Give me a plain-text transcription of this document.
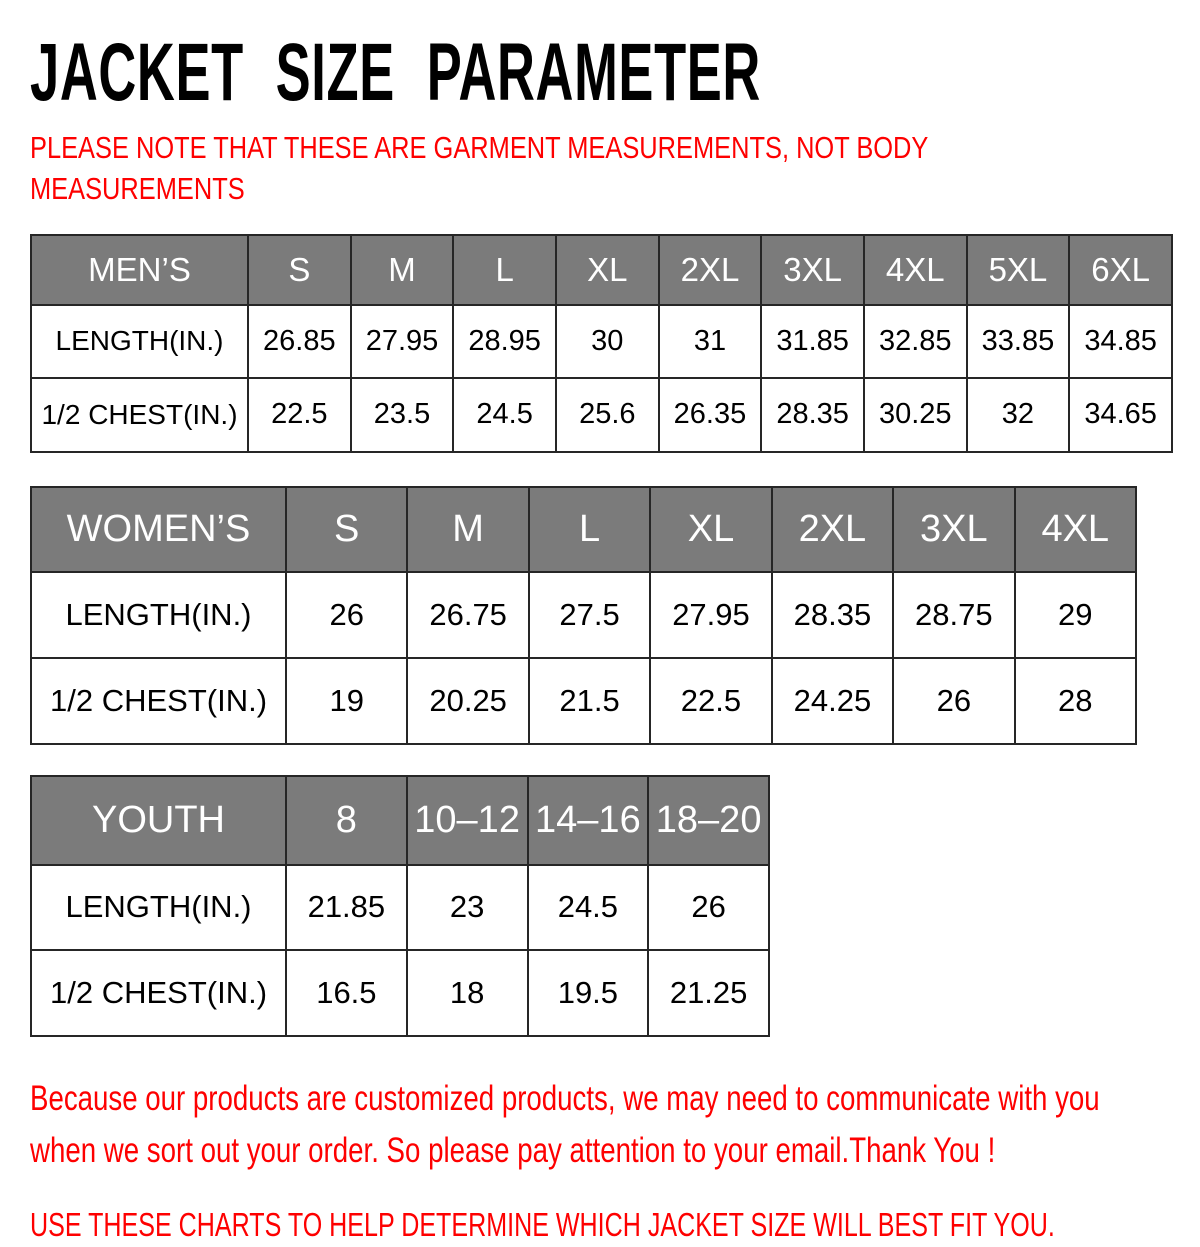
JACKET SIZE PARAMETER
PLEASE NOTE THAT THESE ARE GARMENT MEASUREMENTS, NOT BODY
MEASUREMENTS
MEN’S	S	M	L	XL	2XL	3XL	4XL	5XL	6XL
LENGTH(IN.)	26.85	27.95	28.95	30	31	31.85	32.85	33.85	34.85
1/2 CHEST(IN.)	22.5	23.5	24.5	25.6	26.35	28.35	30.25	32	34.65
WOMEN’S	S	M	L	XL	2XL	3XL	4XL
LENGTH(IN.)	26	26.75	27.5	27.95	28.35	28.75	29
1/2 CHEST(IN.)	19	20.25	21.5	22.5	24.25	26	28
YOUTH	8	10–12	14–16	18–20
LENGTH(IN.)	21.85	23	24.5	26
1/2 CHEST(IN.)	16.5	18	19.5	21.25
Because our products are customized products, we may need to communicate with you
when we sort out your order. So please pay attention to your email.Thank You !
USE THESE CHARTS TO HELP DETERMINE WHICH JACKET SIZE WILL BEST FIT YOU.
